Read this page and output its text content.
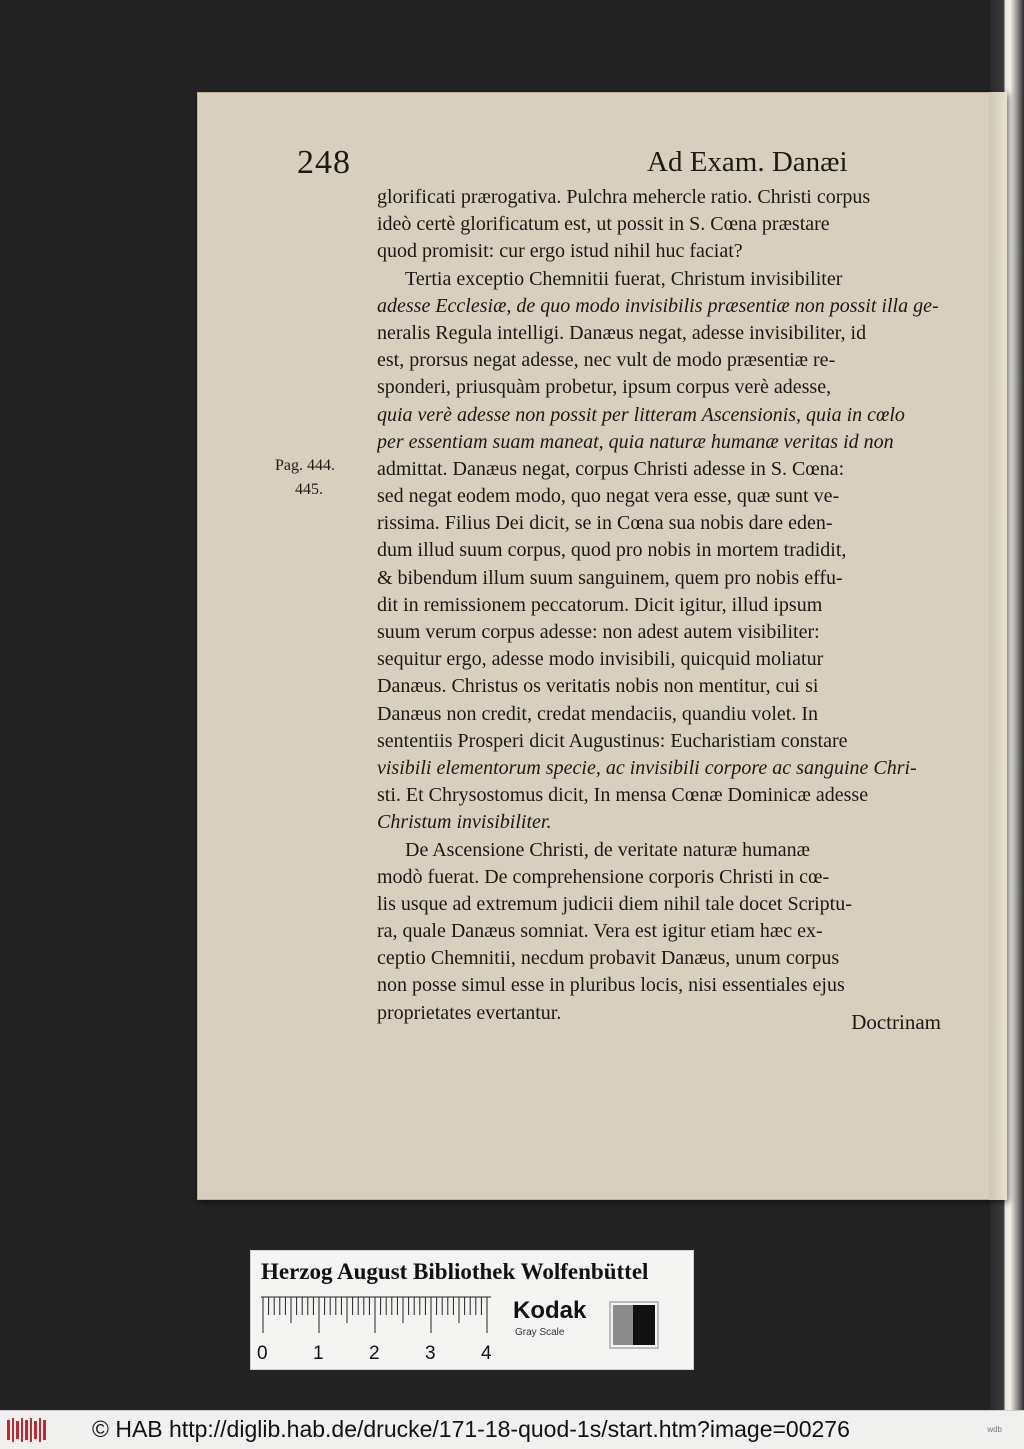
248	Ad Exam. Danæi
Pag. 444.
445.
glorificati prærogativa. Pulchra mehercle ratio. Christi corpus
ideò certè glorificatum est, ut possit in S. Cœna præstare
quod promisit: cur ergo istud nihil huc faciat?
Tertia exceptio Chemnitii fuerat, Christum invisibiliter
adesse Ecclesiæ, de quo modo invisibilis præsentiæ non possit illa ge-
neralis Regula intelligi. Danæus negat, adesse invisibiliter, id
est, prorsus negat adesse, nec vult de modo præsentiæ re-
sponderi, priusquàm probetur, ipsum corpus verè adesse,
quia verè adesse non possit per litteram Ascensionis, quia in cœlo
per essentiam suam maneat, quia naturæ humanæ veritas id non
admittat. Danæus negat, corpus Christi adesse in S. Cœna:
sed negat eodem modo, quo negat vera esse, quæ sunt ve-
rissima. Filius Dei dicit, se in Cœna sua nobis dare eden-
dum illud suum corpus, quod pro nobis in mortem tradidit,
& bibendum illum suum sanguinem, quem pro nobis effu-
dit in remissionem peccatorum. Dicit igitur, illud ipsum
suum verum corpus adesse: non adest autem visibiliter:
sequitur ergo, adesse modo invisibili, quicquid moliatur
Danæus. Christus os veritatis nobis non mentitur, cui si
Danæus non credit, credat mendaciis, quandiu volet. In
sententiis Prosperi dicit Augustinus: Eucharistiam constare
visibili elementorum specie, ac invisibili corpore ac sanguine Chri-
sti. Et Chrysostomus dicit, In mensa Cœnæ Dominicæ adesse
Christum invisibiliter.
De Ascensione Christi, de veritate naturæ humanæ
modò fuerat. De comprehensione corporis Christi in cœ-
lis usque ad extremum judicii diem nihil tale docet Scriptu-
ra, quale Danæus somniat. Vera est igitur etiam hæc ex-
ceptio Chemnitii, necdum probavit Danæus, unum corpus
non posse simul esse in pluribus locis, nisi essentiales ejus
proprietates evertantur.	Doctrinam
Herzog August Bibliothek Wolfenbüttel
0 1 2 3 4
Kodak
Gray Scale
© HAB http://diglib.hab.de/drucke/171-18-quod-1s/start.htm?image=00276	wdb
